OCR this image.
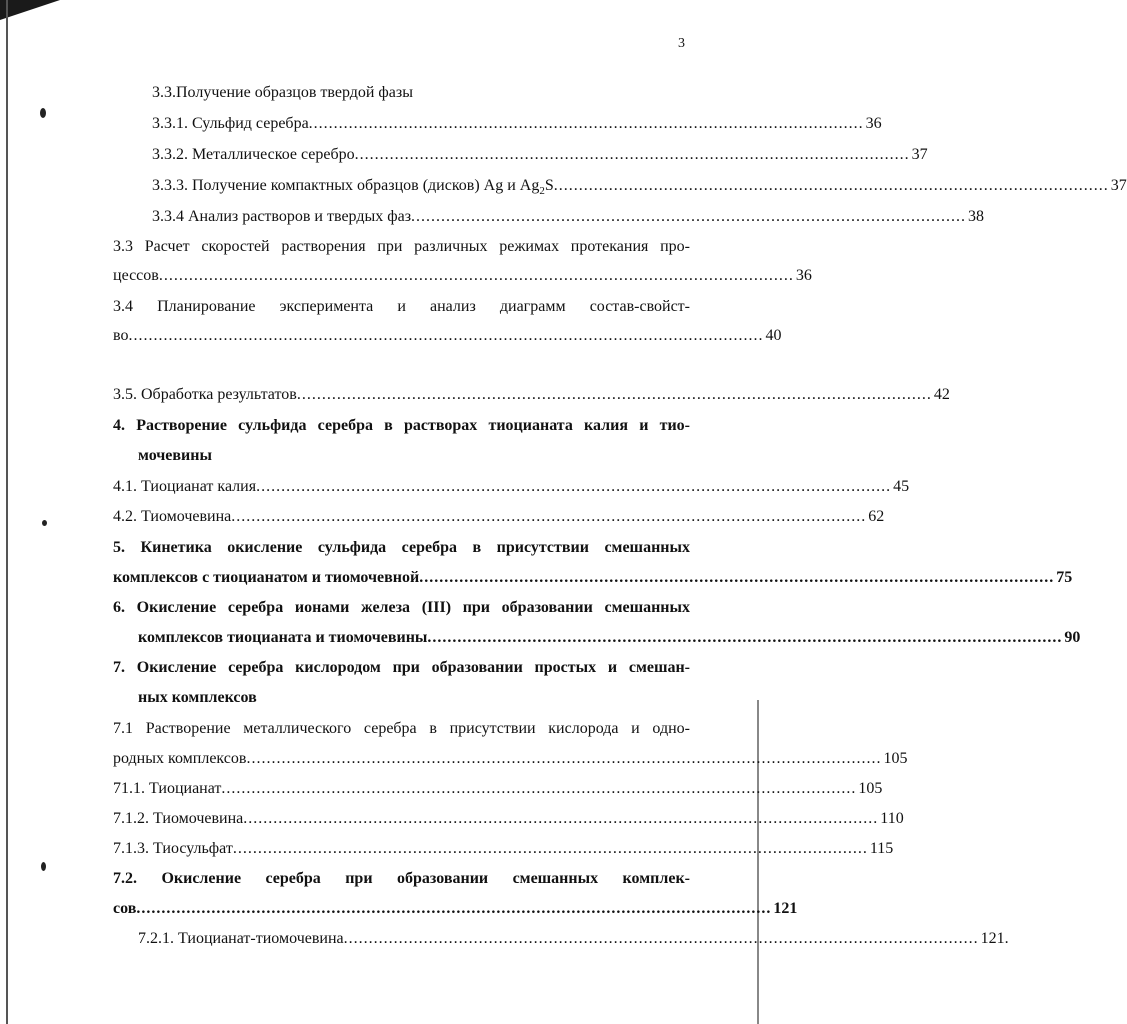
3
3.3.Получение образцов твердой фазы
3.3.1. Сульфид серебра ............................................................................................................... 36
3.3.2. Металлическое серебро ............................................................................................................... 37
3.3.3. Получение компактных образцов (дисков) Ag и $Ag_2S$ ............................................................................................................... 37
3.3.4 Анализ растворов и твердых фаз ............................................................................................................... 38
3.3 Расчет скоростей растворения при различных режимах протекания про-
цессов ............................................................................................................................... 36
3.4 Планирование эксперимента и анализ диаграмм состав-свойст-
во ............................................................................................................................... 40
3.5. Обработка результатов ............................................................................................................................... 42
4. Растворение сульфида серебра в растворах тиоцианата калия и тио-
мочевины
4.1. Тиоцианат калия ............................................................................................................................... 45
4.2. Тиомочевина ............................................................................................................................... 62
5. Кинетика окисление сульфида серебра в присутствии смешанных
комплексов с тиоцианатом и тиомочевной ............................................................................................................................... 75
6. Окисление серебра ионами железа (III) при образовании смешанных
комплексов тиоцианата и тиомочевины ............................................................................................................................... 90
7. Окисление серебра кислородом при образовании простых и смешан-
ных комплексов
7.1 Растворение металлического серебра в присутствии кислорода и одно-
родных комплексов ............................................................................................................................... 105
71.1. Тиоцианат ............................................................................................................................... 105
7.1.2. Тиомочевина ............................................................................................................................... 110
7.1.3. Тиосульфат ............................................................................................................................... 115
7.2. Окисление серебра при образовании смешанных комплек-
сов ............................................................................................................................... 121
7.2.1. Тиоцианат-тиомочевина ............................................................................................................................... 121.
